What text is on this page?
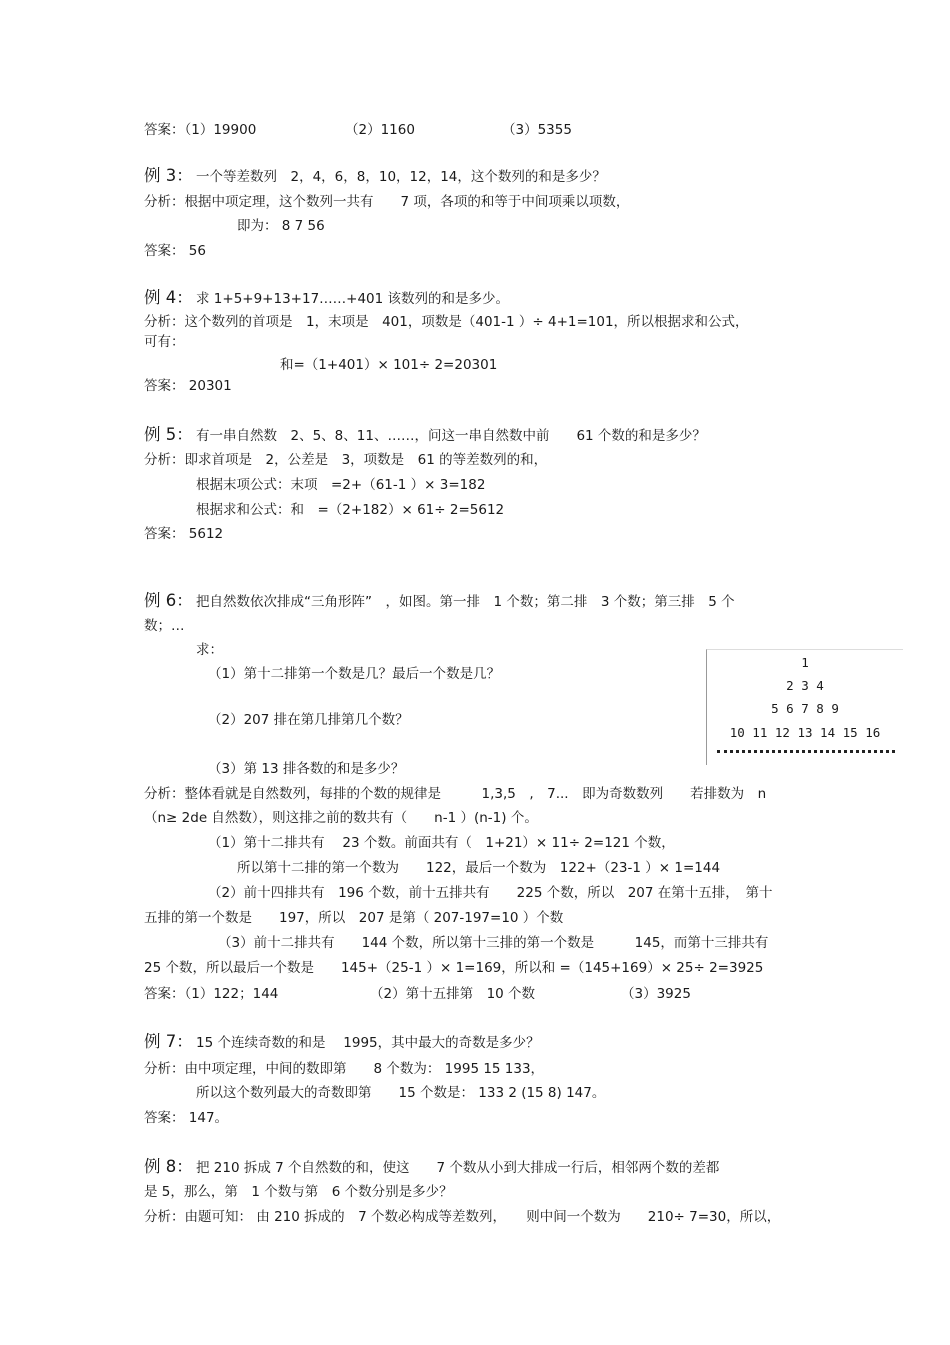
答案：（1）19900	（2）1160	（3）5355
例 3： 一个等差数列　2，4，6，8，10，12，14，这个数列的和是多少？
分析：根据中项定理，这个数列一共有　　7 项，各项的和等于中间项乘以项数，
即为： 8 7 56
答案： 56
例 4： 求 1+5+9+13+17……+401 该数列的和是多少。
分析：这个数列的首项是　1，末项是　401，项数是（401-1 ）÷ 4+1=101，所以根据求和公式，
可有：
和=（1+401）× 101÷ 2=20301
答案： 20301
例 5： 有一串自然数　2、5、8、11、……，问这一串自然数中前　　61 个数的和是多少？
分析：即求首项是　2，公差是　3，项数是　61 的等差数列的和，
根据末项公式：末项　=2+（61-1 ）× 3=182
根据求和公式：和　=（2+182）× 61÷ 2=5612
答案： 5612
例 6： 把自然数依次排成“三角形阵”　，如图。第一排　1 个数；第二排　3 个数；第三排　5 个
数；…
求：
（1）第十二排第一个数是几？最后一个数是几？
（2）207 排在第几排第几个数？
（3）第 13 排各数的和是多少？
1
2 3 4
5 6 7 8 9
10 11 12 13 14 15 16
分析：整体看就是自然数列，每排的个数的规律是　　　1,3,5　,　7...　即为奇数数列　　若排数为　n
（n≥ 2de 自然数），则这排之前的数共有（　　n-1 ）(n-1) 个。
（1）第十二排共有　 23 个数。前面共有（　1+21）× 11÷ 2=121 个数，
所以第十二排的第一个数为　　122，最后一个数为　122+（23-1 ）× 1=144
（2）前十四排共有　196 个数，前十五排共有　　225 个数，所以　207 在第十五排，　第十
五排的第一个数是　　197，所以　207 是第（ 207-197=10 ）个数
（3）前十二排共有　　144 个数，所以第十三排的第一个数是　　　145，而第十三排共有
25 个数，所以最后一个数是　　145+（25-1 ）× 1=169，所以和 =（145+169）× 25÷ 2=3925
答案：（1）122；144	（2）第十五排第　10 个数	（3）3925
例 7： 15 个连续奇数的和是　 1995，其中最大的奇数是多少？
分析：由中项定理，中间的数即第　　8 个数为： 1995 15 133，
所以这个数列最大的奇数即第　　15 个数是： 133 2 (15 8) 147。
答案： 147。
例 8： 把 210 拆成 7 个自然数的和，使这　　7 个数从小到大排成一行后，相邻两个数的差都
是 5，那么，第　1 个数与第　6 个数分别是多少？
分析：由题可知： 由 210 拆成的　7 个数必构成等差数列，　　则中间一个数为　　210÷ 7=30，所以，
